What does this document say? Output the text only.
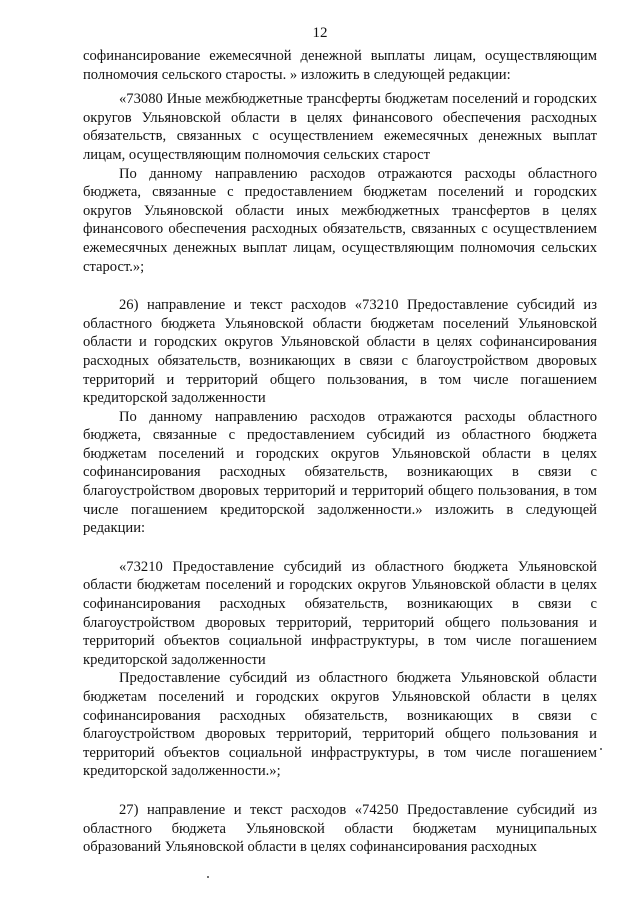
12

софинансирование ежемесячной денежной выплаты лицам, осуществляющим полномочия сельского старосты. » изложить в следующей редакции:

«73080 Иные межбюджетные трансферты бюджетам поселений и городских округов Ульяновской области в целях финансового обеспечения расходных обязательств, связанных с осуществлением ежемесячных денежных выплат лицам, осуществляющим полномочия сельских старост

По данному направлению расходов отражаются расходы областного бюджета, связанные с предоставлением бюджетам поселений и городских округов Ульяновской области иных межбюджетных трансфертов в целях финансового обеспечения расходных обязательств, связанных с осуществлением ежемесячных денежных выплат лицам, осуществляющим полномочия сельских старост.»;

26) направление и текст расходов «73210 Предоставление субсидий из областного бюджета Ульяновской области бюджетам поселений Ульяновской области и городских округов Ульяновской области в целях софинансирования расходных обязательств, возникающих в связи с благоустройством дворовых территорий и территорий общего пользования, в том числе погашением кредиторской задолженности

По данному направлению расходов отражаются расходы областного бюджета, связанные с предоставлением субсидий из областного бюджета бюджетам поселений и городских округов Ульяновской области в целях софинансирования расходных обязательств, возникающих в связи с благоустройством дворовых территорий и территорий общего пользования, в том числе погашением кредиторской задолженности.» изложить в следующей редакции:

«73210 Предоставление субсидий из областного бюджета Ульяновской области бюджетам поселений и городских округов Ульяновской области в целях софинансирования расходных обязательств, возникающих в связи с благоустройством дворовых территорий, территорий общего пользования и территорий объектов социальной инфраструктуры, в том числе погашением кредиторской задолженности

Предоставление субсидий из областного бюджета Ульяновской области бюджетам поселений и городских округов Ульяновской области в целях софинансирования расходных обязательств, возникающих в связи с благоустройством дворовых территорий, территорий общего пользования и территорий объектов социальной инфраструктуры, в том числе погашением кредиторской задолженности.»;

27) направление и текст расходов «74250 Предоставление субсидий из областного бюджета Ульяновской области бюджетам муниципальных образований Ульяновской области в целях софинансирования расходных
